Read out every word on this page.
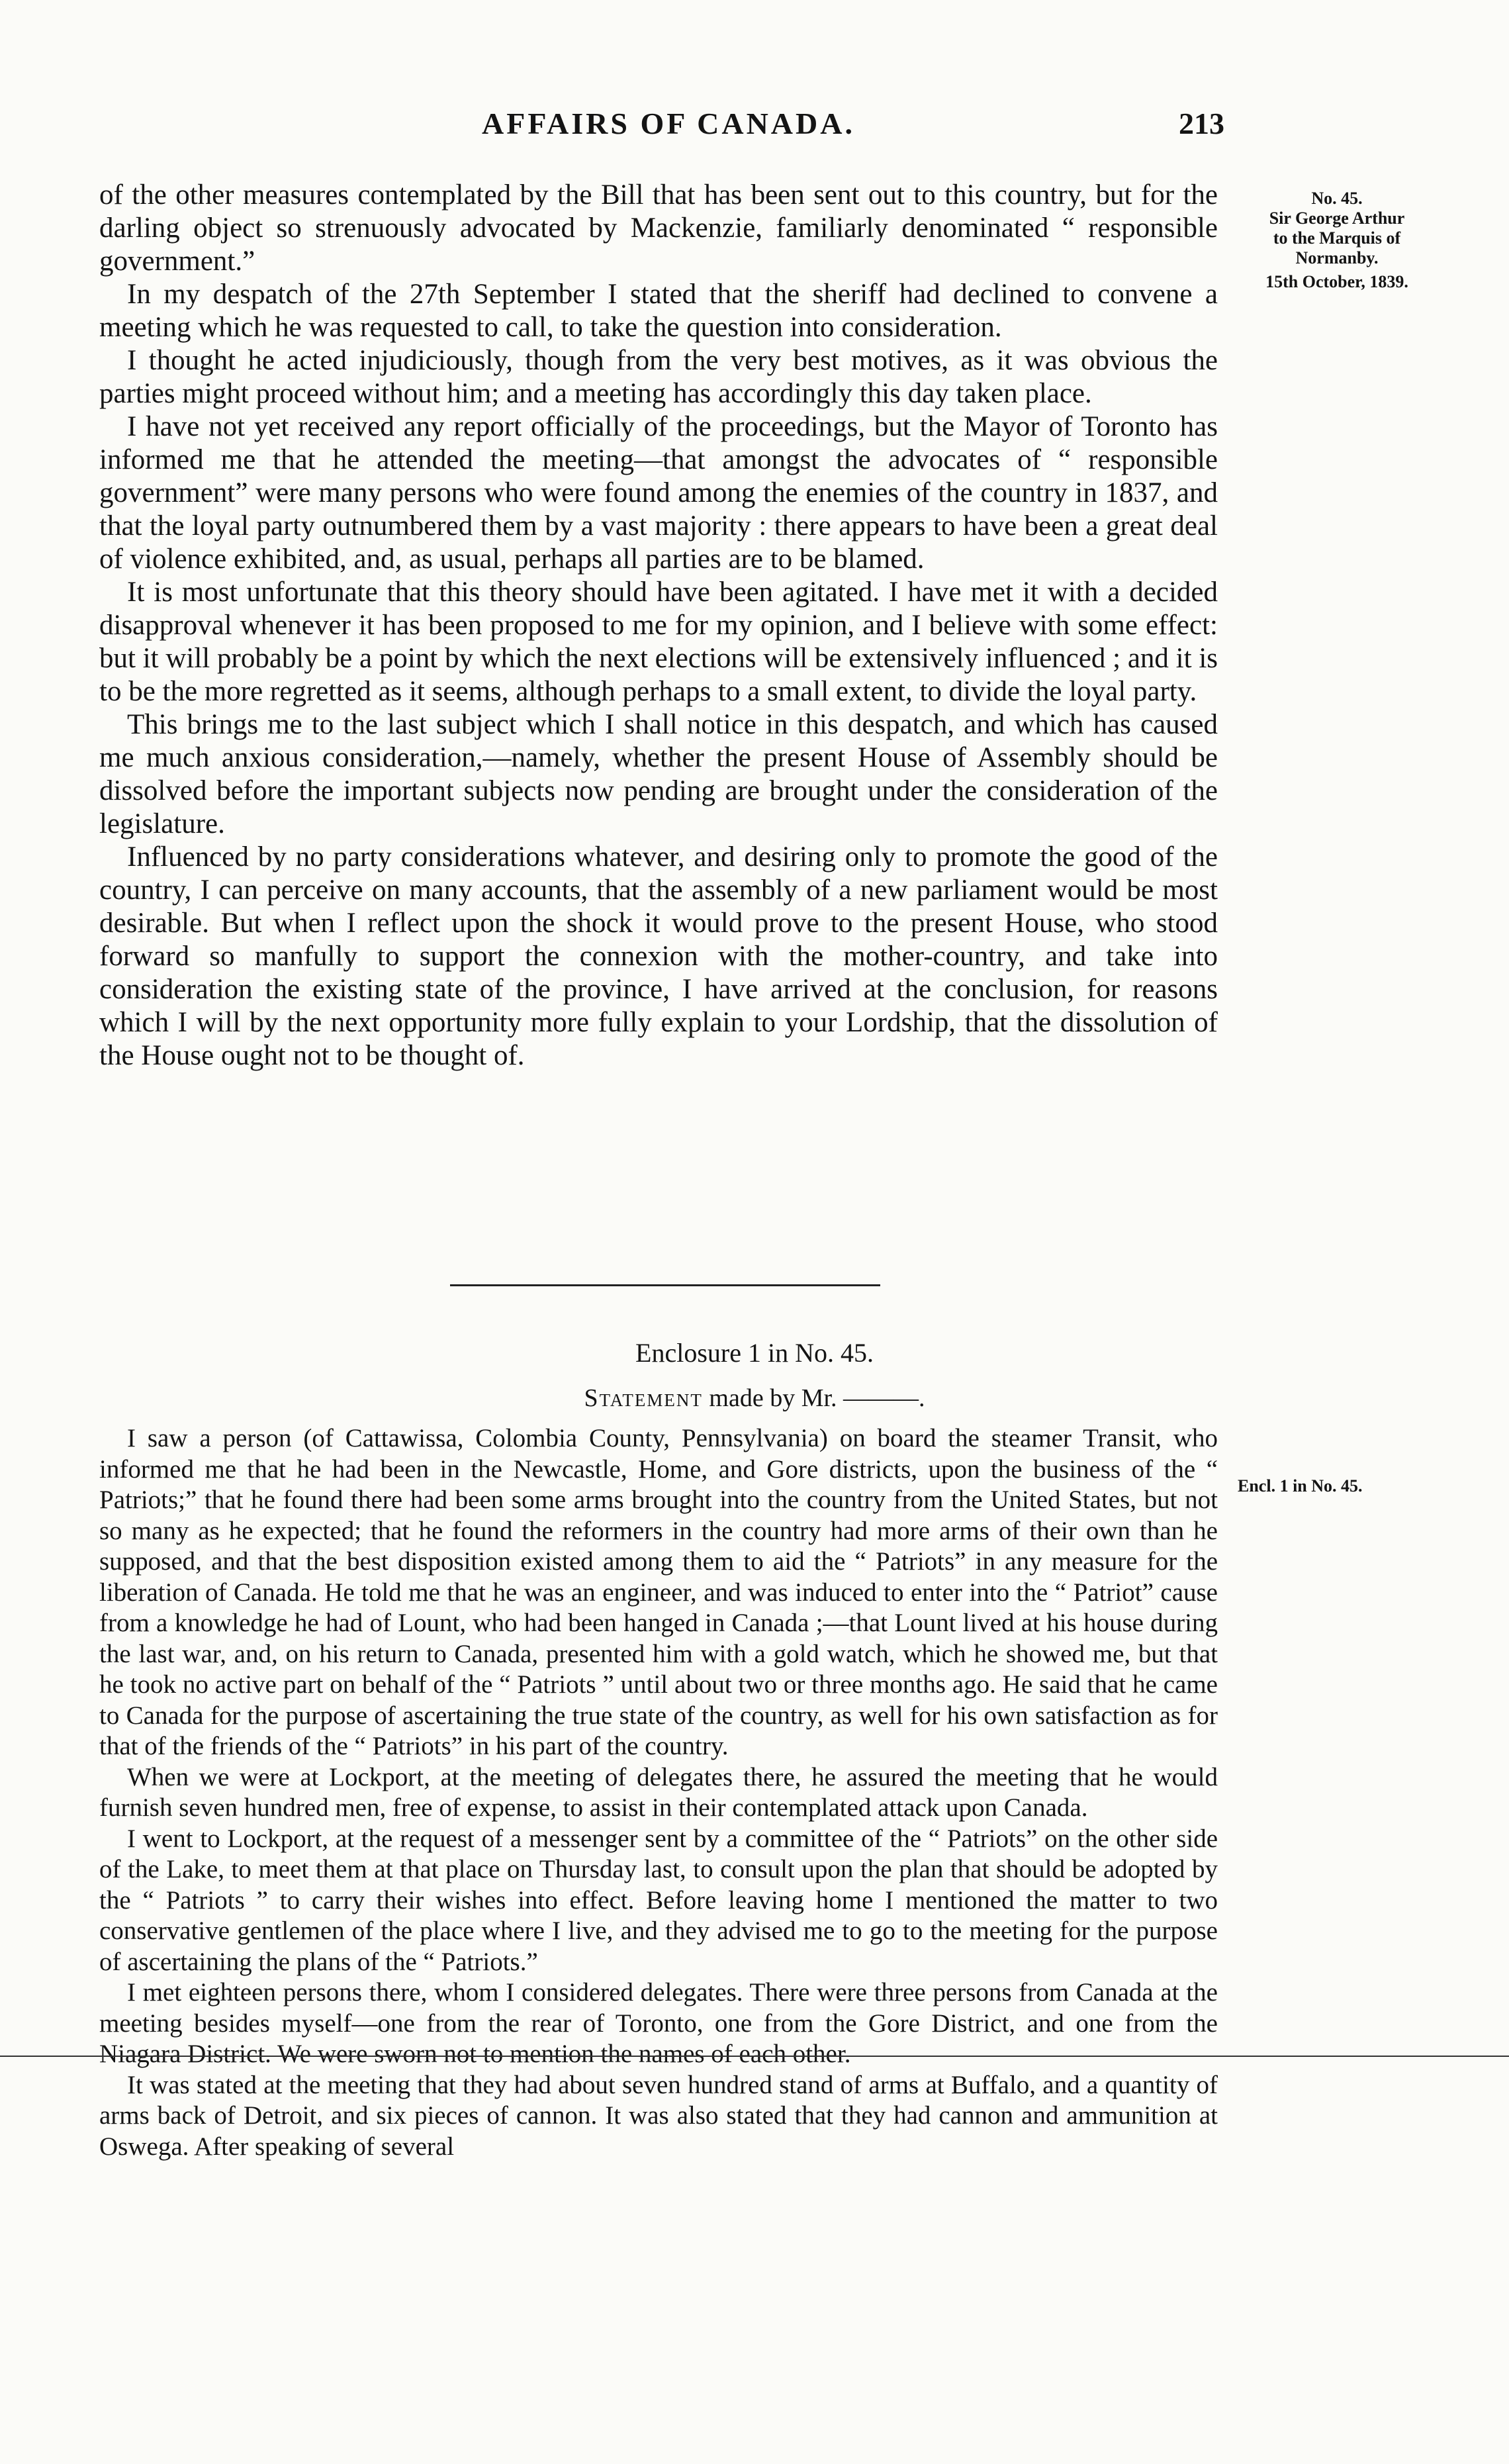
AFFAIRS OF CANADA.	213
No. 45.
Sir George Arthur
to the Marquis of
Normanby.
15th October, 1839.

of the other measures contemplated by the Bill that has been sent out to this country, but for the darling object so strenuously advocated by Mackenzie, familiarly denominated “ responsible government.”

In my despatch of the 27th September I stated that the sheriff had declined to convene a meeting which he was requested to call, to take the question into consideration.

I thought he acted injudiciously, though from the very best motives, as it was obvious the parties might proceed without him; and a meeting has accordingly this day taken place.

I have not yet received any report officially of the proceedings, but the Mayor of Toronto has informed me that he attended the meeting—that amongst the advocates of “ responsible government” were many persons who were found among the enemies of the country in 1837, and that the loyal party outnumbered them by a vast majority : there appears to have been a great deal of violence exhibited, and, as usual, perhaps all parties are to be blamed.

It is most unfortunate that this theory should have been agitated. I have met it with a decided disapproval whenever it has been proposed to me for my opinion, and I believe with some effect: but it will probably be a point by which the next elections will be extensively influenced ; and it is to be the more regretted as it seems, although perhaps to a small extent, to divide the loyal party.

This brings me to the last subject which I shall notice in this despatch, and which has caused me much anxious consideration,—namely, whether the present House of Assembly should be dissolved before the important subjects now pending are brought under the consideration of the legislature.

Influenced by no party considerations whatever, and desiring only to promote the good of the country, I can perceive on many accounts, that the assembly of a new parliament would be most desirable. But when I reflect upon the shock it would prove to the present House, who stood forward so manfully to support the connexion with the mother-country, and take into consideration the existing state of the province, I have arrived at the conclusion, for reasons which I will by the next opportunity more fully explain to your Lordship, that the dissolution of the House ought not to be thought of.

Enclosure 1 in No. 45.
Statement made by Mr. ———.
Encl. 1 in No. 45.

I saw a person (of Cattawissa, Colombia County, Pennsylvania) on board the steamer Transit, who informed me that he had been in the Newcastle, Home, and Gore districts, upon the business of the “ Patriots;” that he found there had been some arms brought into the country from the United States, but not so many as he expected; that he found the reformers in the country had more arms of their own than he supposed, and that the best disposition existed among them to aid the “ Patriots” in any measure for the liberation of Canada. He told me that he was an engineer, and was induced to enter into the “ Patriot” cause from a knowledge he had of Lount, who had been hanged in Canada ;—that Lount lived at his house during the last war, and, on his return to Canada, presented him with a gold watch, which he showed me, but that he took no active part on behalf of the “ Patriots ” until about two or three months ago. He said that he came to Canada for the purpose of ascertaining the true state of the country, as well for his own satisfaction as for that of the friends of the “ Patriots” in his part of the country.

When we were at Lockport, at the meeting of delegates there, he assured the meeting that he would furnish seven hundred men, free of expense, to assist in their contemplated attack upon Canada.

I went to Lockport, at the request of a messenger sent by a committee of the “ Patriots” on the other side of the Lake, to meet them at that place on Thursday last, to consult upon the plan that should be adopted by the “ Patriots ” to carry their wishes into effect. Before leaving home I mentioned the matter to two conservative gentlemen of the place where I live, and they advised me to go to the meeting for the purpose of ascertaining the plans of the “ Patriots.”

I met eighteen persons there, whom I considered delegates. There were three persons from Canada at the meeting besides myself—one from the rear of Toronto, one from the Gore District, and one from the Niagara District. We were sworn not to mention the names of each other.

It was stated at the meeting that they had about seven hundred stand of arms at Buffalo, and a quantity of arms back of Detroit, and six pieces of cannon. It was also stated that they had cannon and ammunition at Oswega. After speaking of several
